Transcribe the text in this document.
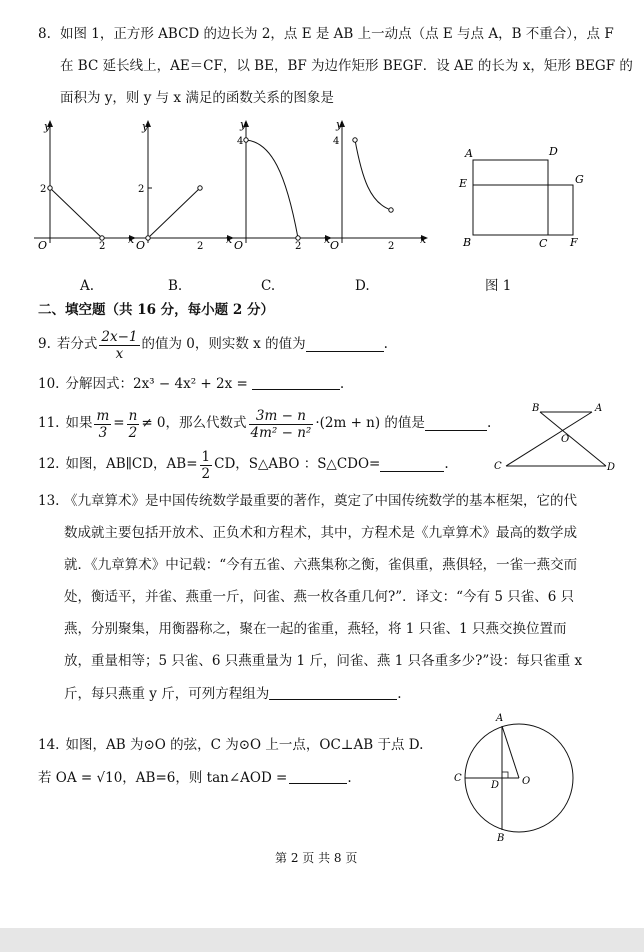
8. 如图 1，正方形 ABCD 的边长为 2，点 E 是 AB 上一动点（点 E 与点 A，B 不重合），点 F
在 BC 延长线上，AE＝CF，以 BE，BF 为边作矩形 BEGF．设 AE 的长为 x，矩形 BEGF 的
面积为 y，则 y 与 x 满足的函数关系的图象是
y
x
O
2
2
y
x
O
2
2
y
x
O
4
2
y
x
O
4
2
A	D
E	G
B	C F
A.	B.	C.	D.	图 1
二、填空题（共 16 分，每小题 2 分）
9. 若分式 $\frac{2x-1}{x}$ 的值为 0，则实数 x 的值为	.
10. 分解因式：2x³ − 4x² + 2x =	.
11. 如果 $\frac{m}{3} = \frac{n}{2} \ne 0$，那么代数式 $\frac{3m - n}{\text{4m² − n²}} \cdot(2m + n)$ 的值是	.
12. 如图，AB∥CD，$AB= \frac{1}{2}$ CD，S△ABO ：S△CDO=	.
B	A
O
C	D
13. 《九章算术》是中国传统数学最重要的著作，奠定了中国传统数学的基本框架，它的代
数成就主要包括开放术、正负术和方程术，其中，方程术是《九章算术》最高的数学成
就．《九章算术》中记载：“今有五雀、六燕集称之衡，雀俱重，燕俱轻，一雀一燕交而
处，衡适平，并雀、燕重一斤，问雀、燕一枚各重几何?”．译文：“今有 5 只雀、6 只
燕，分别聚集，用衡器称之，聚在一起的雀重，燕轻，将 1 只雀、1 只燕交换位置而
放，重量相等；5 只雀、6 只燕重量为 1 斤，问雀、燕 1 只各重多少?”设：每只雀重 x
斤，每只燕重 y 斤，可列方程组为	.
14. 如图，AB 为⊙O 的弦，C 为⊙O 上一点，OC⊥AB 于点 D.
若 OA = √10，AB=6，则 tan∠AOD =	.
A
C
D O
B
第 2 页 共 8 页
